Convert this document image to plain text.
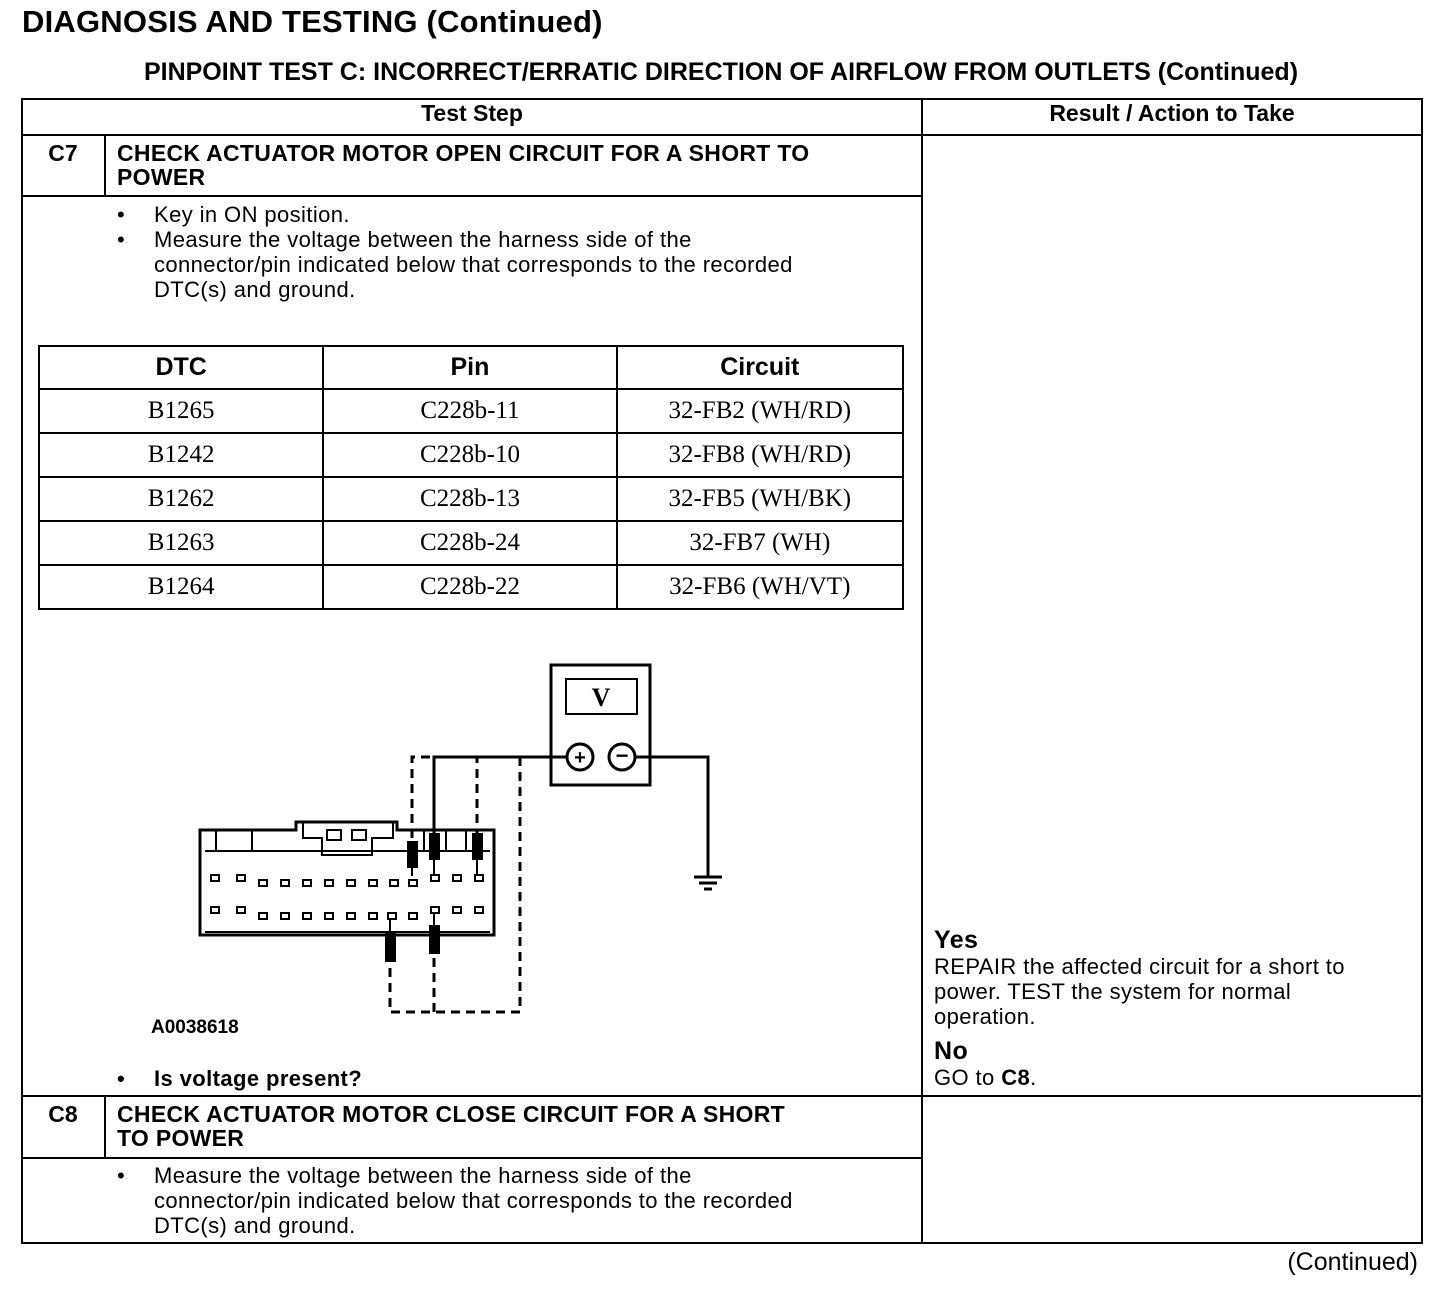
DIAGNOSIS AND TESTING (Continued)
PINPOINT TEST C: INCORRECT/ERRATIC DIRECTION OF AIRFLOW FROM OUTLETS (Continued)
Test Step	Result / Action to Take
C7	CHECK ACTUATOR MOTOR OPEN CIRCUIT FOR A SHORT TO
POWER
• Key in ON position.
• Measure the voltage between the harness side of the
connector/pin indicated below that corresponds to the recorded
DTC(s) and ground.
DTC	Pin	Circuit
B1265	C228b-11	32-FB2 (WH/RD)
B1242	C228b-10	32-FB8 (WH/RD)
B1262	C228b-13	32-FB5 (WH/BK)
B1263	C228b-24	32-FB7 (WH)
B1264	C228b-22	32-FB6 (WH/VT)
V
+ −
A0038618
• Is voltage present?
Yes
REPAIR the affected circuit for a short to
power. TEST the system for normal
operation.
No
GO to C8.
C8	CHECK ACTUATOR MOTOR CLOSE CIRCUIT FOR A SHORT
TO POWER
• Measure the voltage between the harness side of the
connector/pin indicated below that corresponds to the recorded
DTC(s) and ground.
(Continued)
